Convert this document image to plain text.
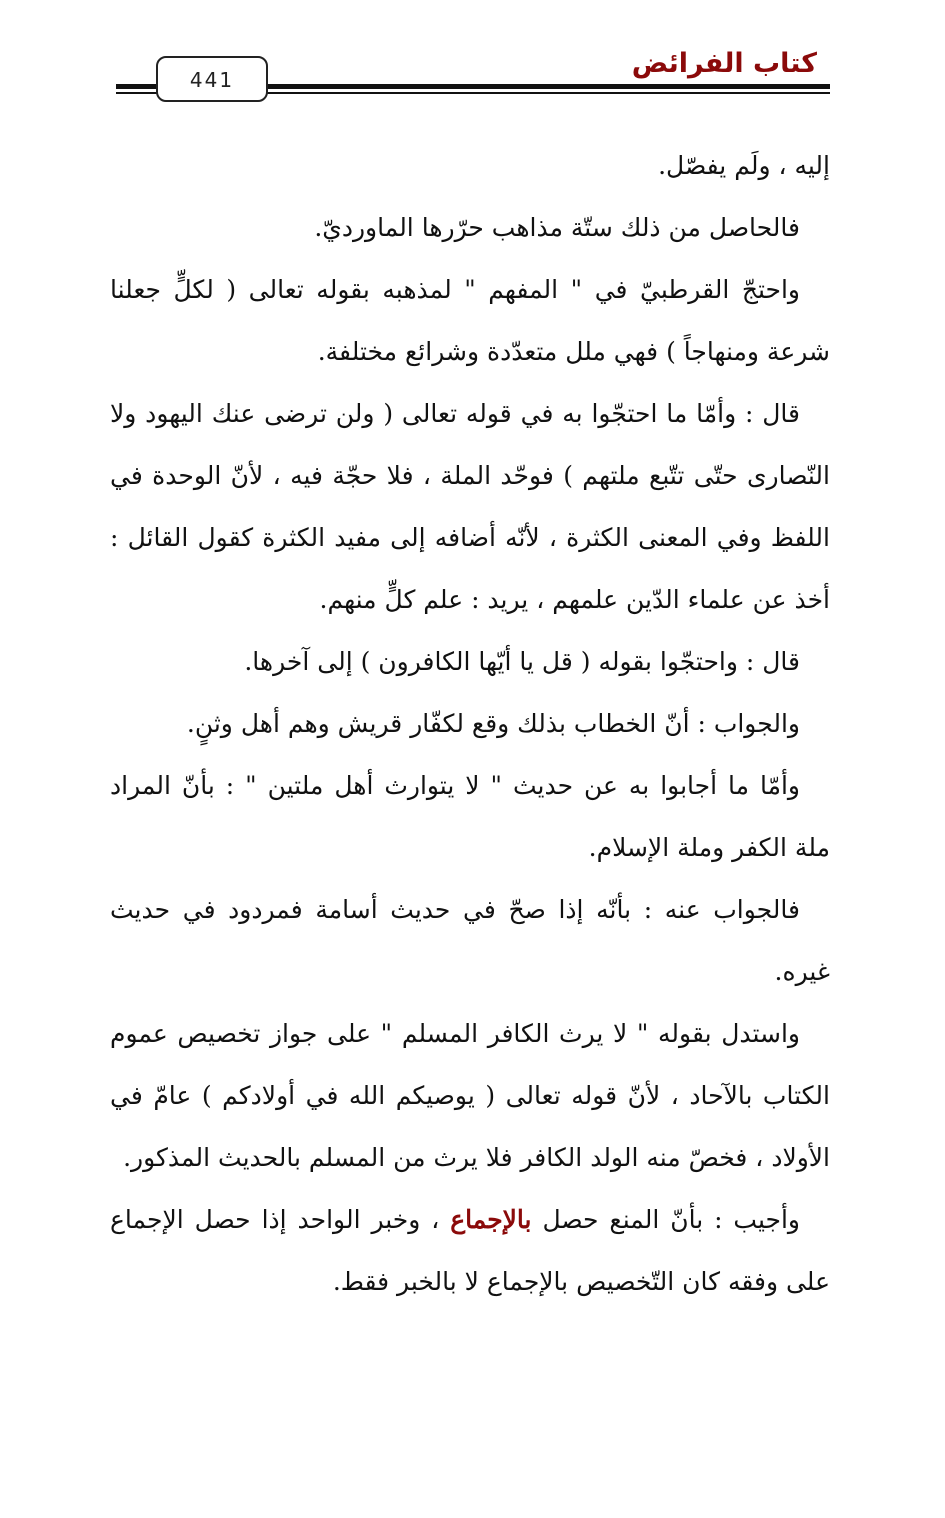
441
كتاب الفرائض

إليه ، ولَم يفصّل.

فالحاصل من ذلك ستّة مذاهب حرّرها الماورديّ.

واحتجّ القرطبيّ في " المفهم " لمذهبه بقوله تعالى ( لكلٍّ جعلنا شرعة ومنهاجاً ) فهي ملل متعدّدة وشرائع مختلفة.

قال : وأمّا ما احتجّوا به في قوله تعالى ( ولن ترضى عنك اليهود ولا النّصارى حتّى تتّبع ملتهم ) فوحّد الملة ، فلا حجّة فيه ، لأنّ الوحدة في اللفظ وفي المعنى الكثرة ، لأنّه أضافه إلى مفيد الكثرة كقول القائل : أخذ عن علماء الدّين علمهم ، يريد : علم كلٍّ منهم.

قال : واحتجّوا بقوله ( قل يا أيّها الكافرون ) إلى آخرها.

والجواب : أنّ الخطاب بذلك وقع لكفّار قريش وهم أهل وثنٍ.

وأمّا ما أجابوا به عن حديث " لا يتوارث أهل ملتين " : بأنّ المراد ملة الكفر وملة الإسلام.

فالجواب عنه : بأنّه إذا صحّ في حديث أسامة فمردود في حديث غيره.

واستدل بقوله " لا يرث الكافر المسلم " على جواز تخصيص عموم الكتاب بالآحاد ، لأنّ قوله تعالى ( يوصيكم الله في أولادكم ) عامّ في الأولاد ، فخصّ منه الولد الكافر فلا يرث من المسلم بالحديث المذكور.

وأجيب : بأنّ المنع حصل بالإجماع ، وخبر الواحد إذا حصل الإجماع على وفقه كان التّخصيص بالإجماع لا بالخبر فقط.
